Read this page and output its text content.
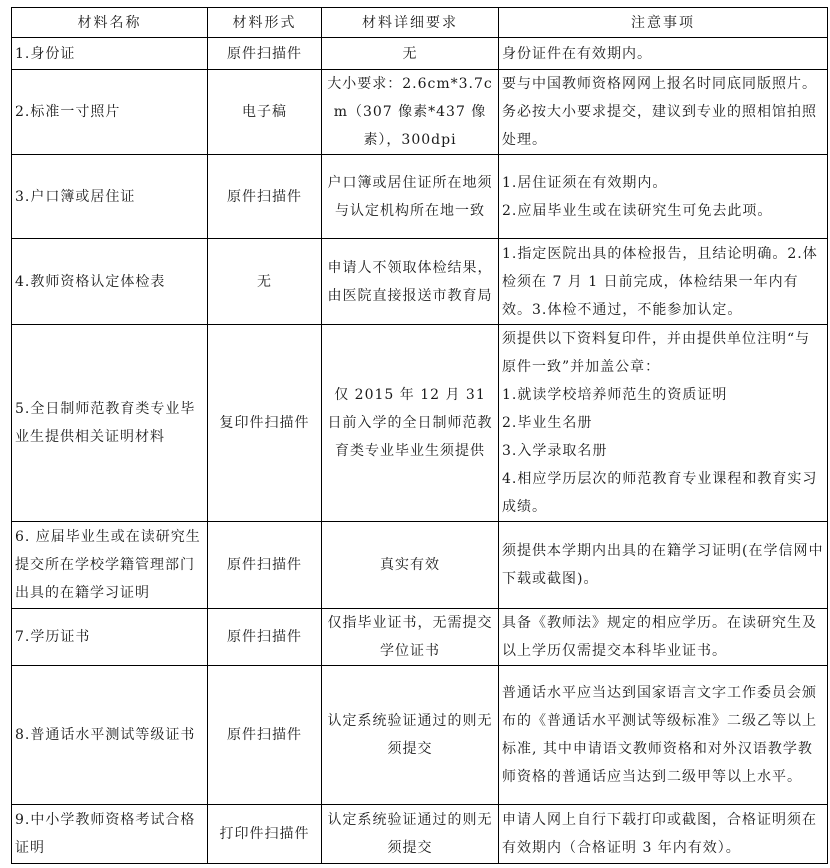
材料名称	材料形式	材料详细要求	注意事项
1.身份证	原件扫描件	无	身份证件在有效期内。

2.标准一寸照片	电子稿	大小要求：2.6cm*3.7cm（307 像素*437 像素），300dpi	要与中国教师资格网网上报名时同底同版照片。务必按大小要求提交，建议到专业的照相馆拍照处理。

3.户口簿或居住证	原件扫描件	户口簿或居住证所在地须与认定机构所在地一致	1.居住证须在有效期内。
2.应届毕业生或在读研究生可免去此项。

4.教师资格认定体检表	无	申请人不领取体检结果，由医院直接报送市教育局	1.指定医院出具的体检报告，且结论明确。2.体检须在 7 月 1 日前完成，体检结果一年内有效。3.体检不通过，不能参加认定。

5.全日制师范教育类专业毕业生提供相关证明材料	复印件扫描件	仅 2015 年 12 月 31 日前入学的全日制师范教育类专业毕业生须提供	须提供以下资料复印件，并由提供单位注明“与原件一致”并加盖公章：
1.就读学校培养师范生的资质证明
2.毕业生名册
3.入学录取名册
4.相应学历层次的师范教育专业课程和教育实习成绩。

6. 应届毕业生或在读研究生提交所在学校学籍管理部门出具的在籍学习证明	原件扫描件	真实有效	须提供本学期内出具的在籍学习证明(在学信网中下载或截图)。

7.学历证书	原件扫描件	仅指毕业证书，无需提交学位证书	具备《教师法》规定的相应学历。在读研究生及以上学历仅需提交本科毕业证书。

8.普通话水平测试等级证书	原件扫描件	认定系统验证通过的则无须提交	普通话水平应当达到国家语言文字工作委员会颁布的《普通话水平测试等级标准》二级乙等以上标准, 其中申请语文教师资格和对外汉语教学教师资格的普通话应当达到二级甲等以上水平。

9.中小学教师资格考试合格证明	打印件扫描件	认定系统验证通过的则无须提交	申请人网上自行下载打印或截图，合格证明须在有效期内（合格证明 3 年内有效）。
